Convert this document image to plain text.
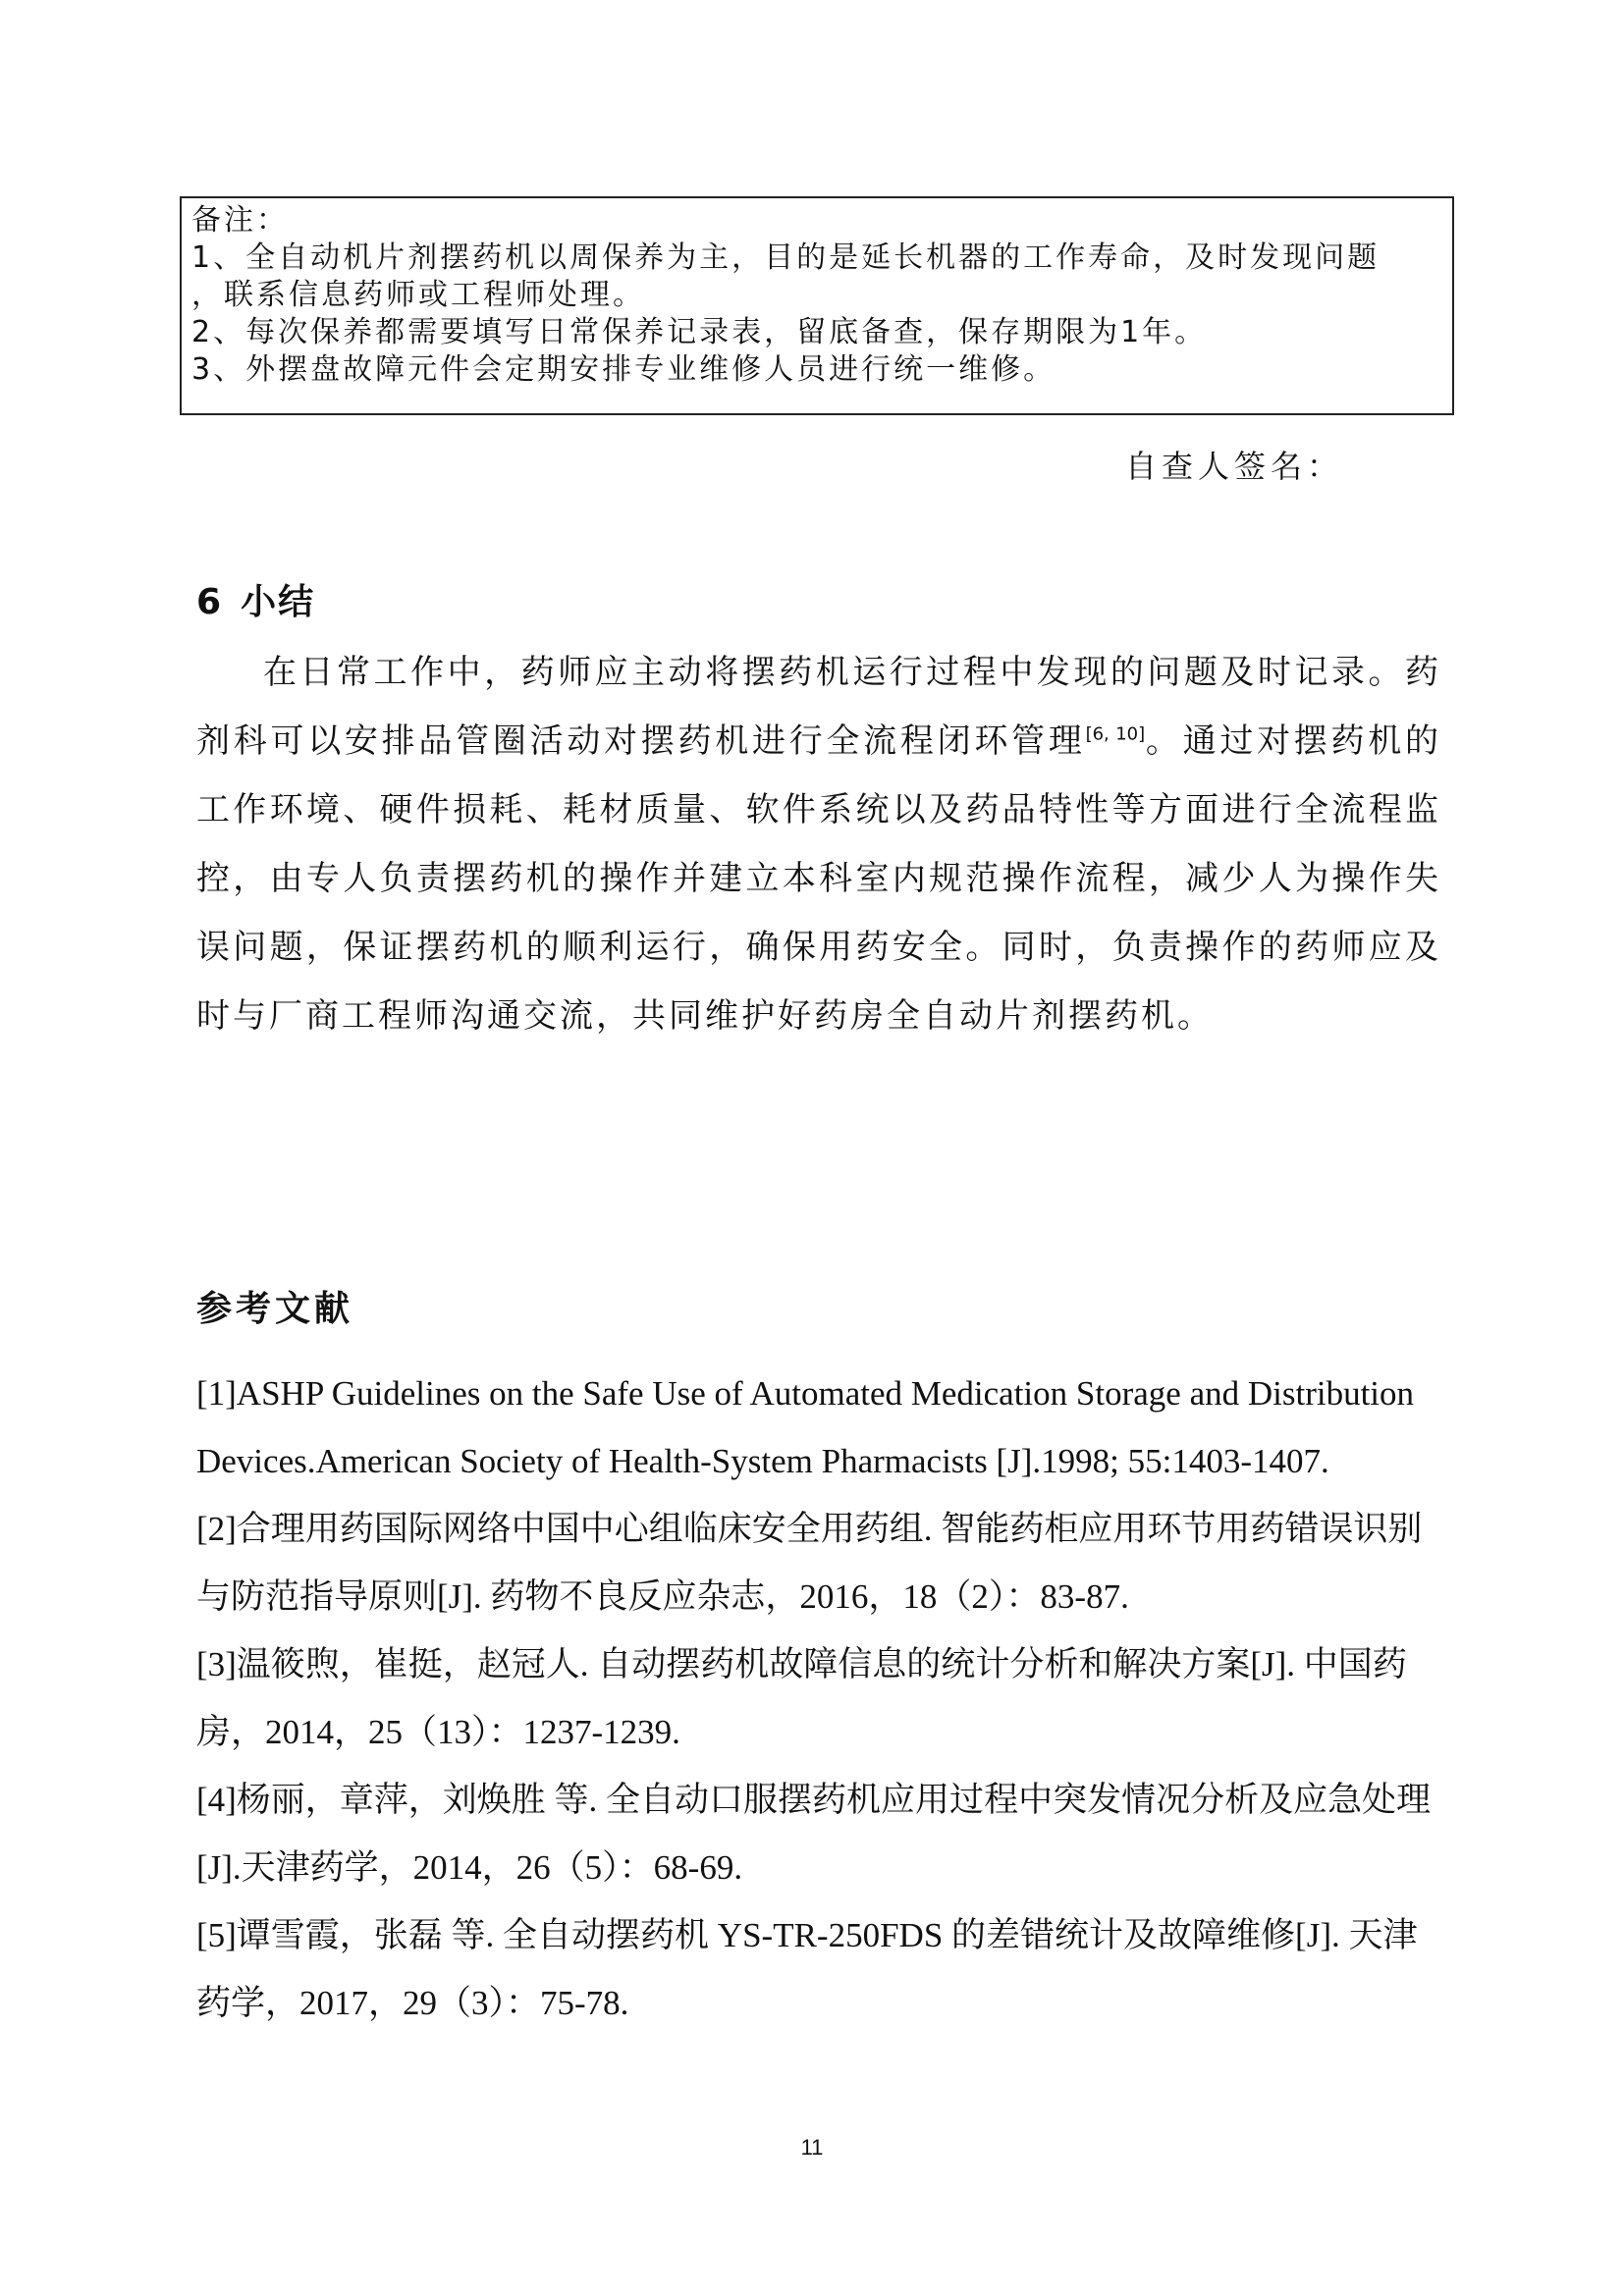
备注：
1、全自动机片剂摆药机以周保养为主，目的是延长机器的工作寿命，及时发现问题
，联系信息药师或工程师处理。
2、每次保养都需要填写日常保养记录表，留底备查，保存期限为1年。
3、外摆盘故障元件会定期安排专业维修人员进行统一维修。
自查人签名：
6 小结

在日常工作中，药师应主动将摆药机运行过程中发现的问题及时记录。药剂科可以安排品管圈活动对摆药机进行全流程闭环管理[6, 10]。通过对摆药机的工作环境、硬件损耗、耗材质量、软件系统以及药品特性等方面进行全流程监控，由专人负责摆药机的操作并建立本科室内规范操作流程，减少人为操作失误问题，保证摆药机的顺利运行，确保用药安全。同时，负责操作的药师应及时与厂商工程师沟通交流，共同维护好药房全自动片剂摆药机。

参考文献

[1]ASHP Guidelines on the Safe Use of Automated Medication Storage and Distribution Devices.American Society of Health-System Pharmacists [J].1998; 55:1403-1407.

[2]合理用药国际网络中国中心组临床安全用药组. 智能药柜应用环节用药错误识别与防范指导原则[J]. 药物不良反应杂志，2016，18（2）：83-87.

[3]温筱煦，崔挺，赵冠人. 自动摆药机故障信息的统计分析和解决方案[J]. 中国药房，2014，25（13）：1237-1239.

[4]杨丽，章萍，刘焕胜 等. 全自动口服摆药机应用过程中突发情况分析及应急处理[J].天津药学，2014，26（5）：68-69.

[5]谭雪霞，张磊 等. 全自动摆药机 YS-TR-250FDS 的差错统计及故障维修[J]. 天津药学，2017，29（3）：75-78.

11
